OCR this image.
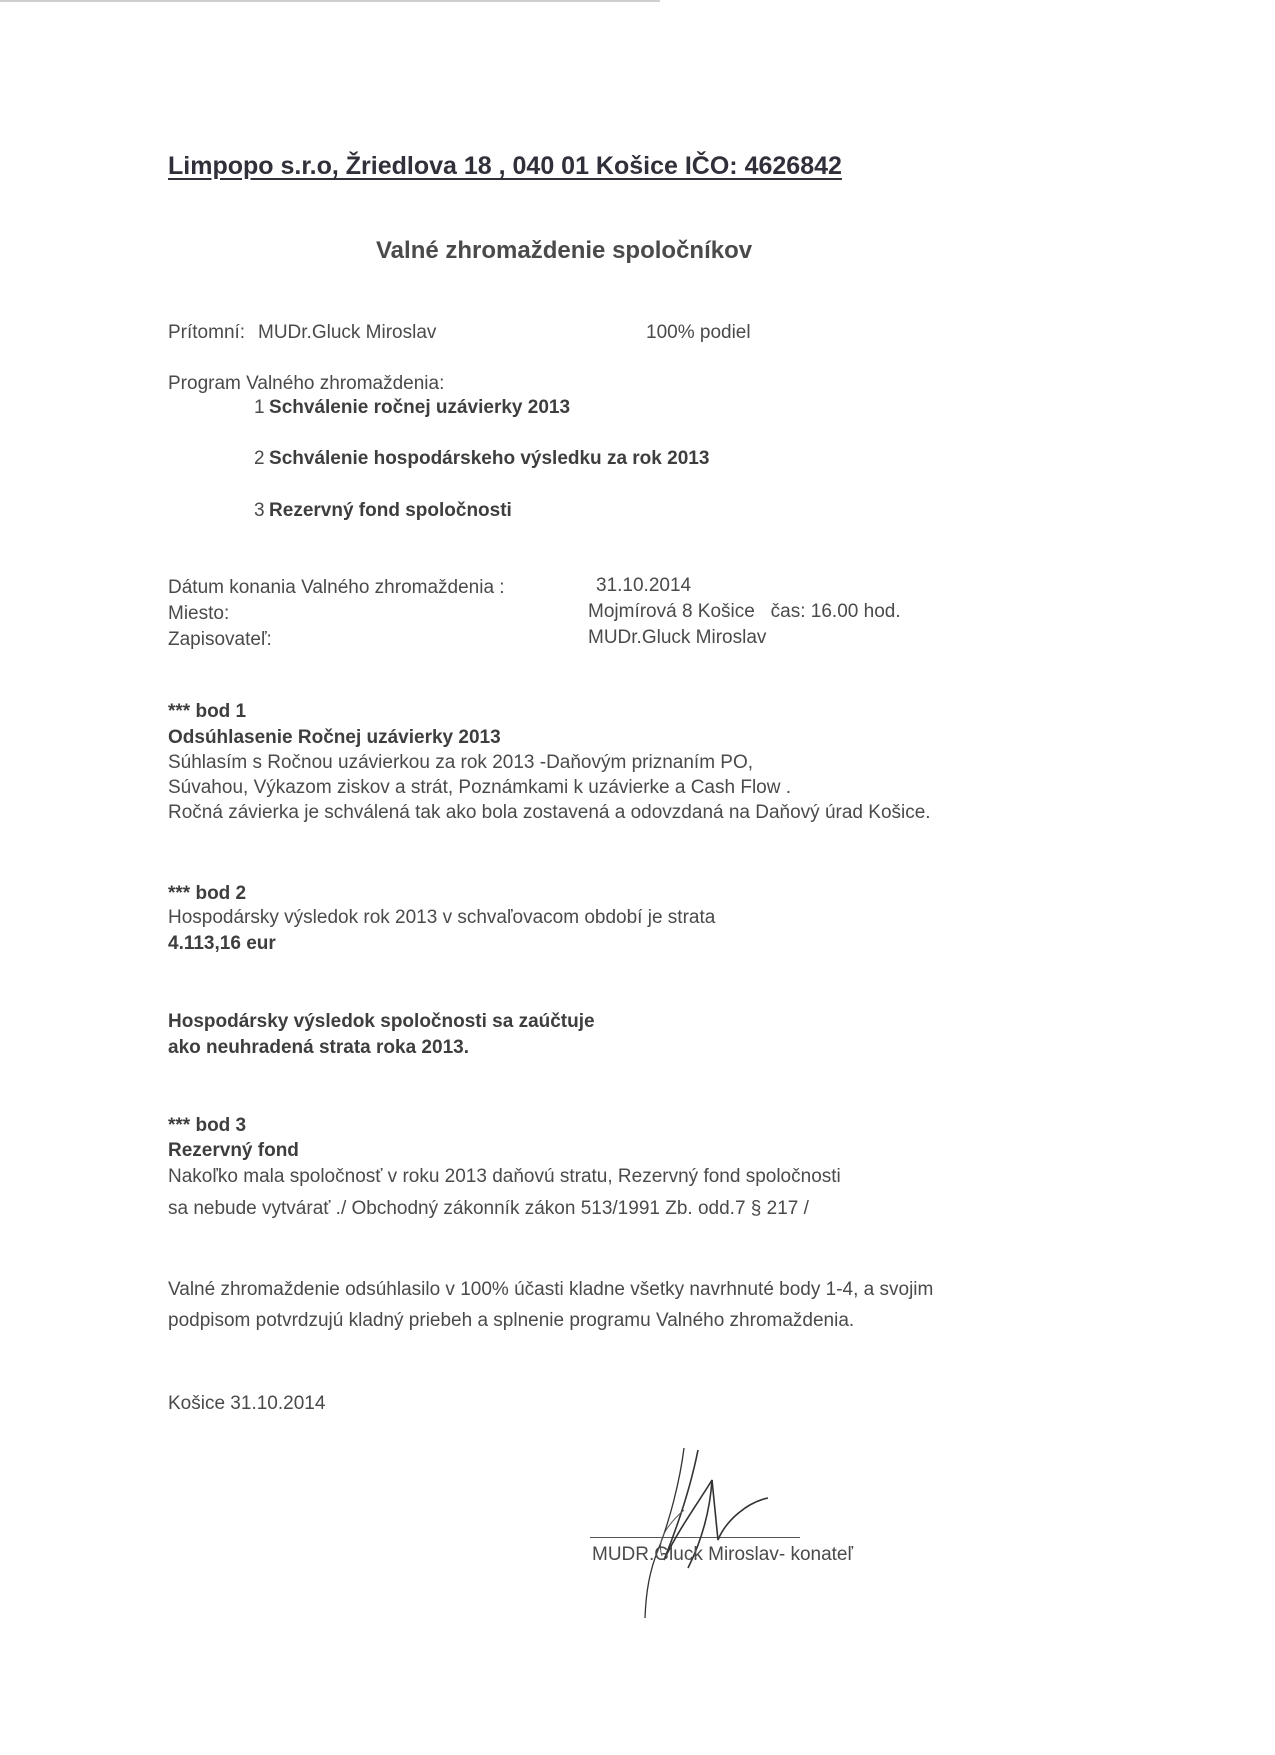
Limpopo s.r.o, Žriedlova 18 , 040 01 Košice IČO: 4626842
Valné zhromaždenie spoločníkov
Prítomní: MUDr.Gluck Miroslav	100% podiel
Program Valného zhromaždenia:
1 Schválenie ročnej uzávierky 2013
2 Schválenie hospodárskeho výsledku za rok 2013
3 Rezervný fond spoločnosti
Dátum konania Valného zhromaždenia :	31.10.2014
Miesto:	Mojmírová 8 Košice   čas: 16.00 hod.
Zapisovateľ:	MUDr.Gluck Miroslav
*** bod 1
Odsúhlasenie Ročnej uzávierky 2013
Súhlasím s Ročnou uzávierkou za rok 2013 -Daňovým priznaním PO,
Súvahou, Výkazom ziskov a strát, Poznámkami k uzávierke a Cash Flow .
Ročná závierka je schválená tak ako bola zostavená a odovzdaná na Daňový úrad Košice.
*** bod 2
Hospodársky výsledok rok 2013 v schvaľovacom období je strata
4.113,16 eur
Hospodársky výsledok spoločnosti sa zaúčtuje
ako neuhradená strata roka 2013.
*** bod 3
Rezervný fond
Nakoľko mala spoločnosť v roku 2013 daňovú stratu, Rezervný fond spoločnosti
sa nebude vytvárať ./ Obchodný zákonník zákon 513/1991 Zb. odd.7 § 217 /
Valné zhromaždenie odsúhlasilo v 100% účasti kladne všetky navrhnuté body 1-4, a svojim
podpisom potvrdzujú kladný priebeh a splnenie programu Valného zhromaždenia.
Košice 31.10.2014
MUDR.Gluck Miroslav- konateľ
